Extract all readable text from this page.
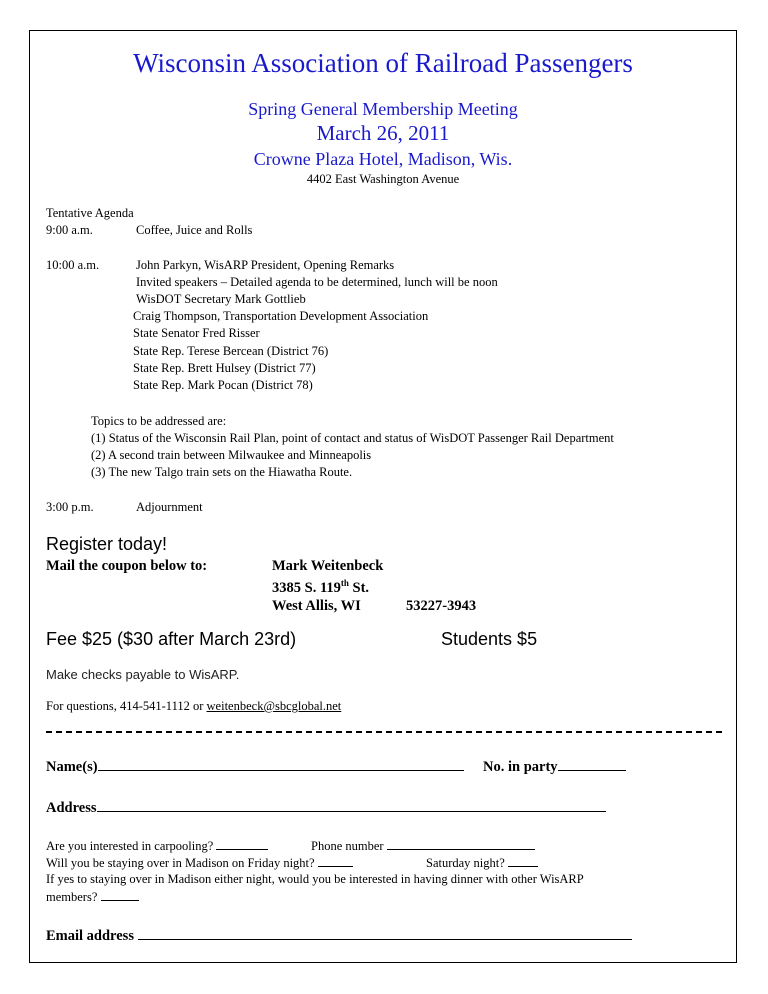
Wisconsin Association of Railroad Passengers
Spring General Membership Meeting
March 26, 2011
Crowne Plaza Hotel, Madison, Wis.
4402 East Washington Avenue
Tentative Agenda
9:00 a.m.	Coffee, Juice and Rolls
10:00 a.m.	John Parkyn, WisARP President, Opening Remarks
Invited speakers – Detailed agenda to be determined, lunch will be noon
WisDOT Secretary Mark Gottlieb
Craig Thompson, Transportation Development Association
State Senator Fred Risser
State Rep. Terese Bercean (District 76)
State Rep. Brett Hulsey (District 77)
State Rep. Mark Pocan (District 78)
Topics to be addressed are:
(1) Status of the Wisconsin Rail Plan, point of contact and status of WisDOT Passenger Rail Department
(2) A second train between Milwaukee and Minneapolis
(3) The new Talgo train sets on the Hiawatha Route.
3:00 p.m.	Adjournment
Register today!
Mail the coupon below to:	Mark Weitenbeck
3385 S. 119th St.
West Allis, WI	53227-3943
Fee $25 ($30 after March 23rd)	Students $5
Make checks payable to WisARP.
For questions, 414-541-1112 or weitenbeck@sbcglobal.net
Name(s)	No. in party
Address
Are you interested in carpooling?	Phone number
Will you be staying over in Madison on Friday night?	Saturday night?
If yes to staying over in Madison either night, would you be interested in having dinner with other WisARP
members?
Email address
